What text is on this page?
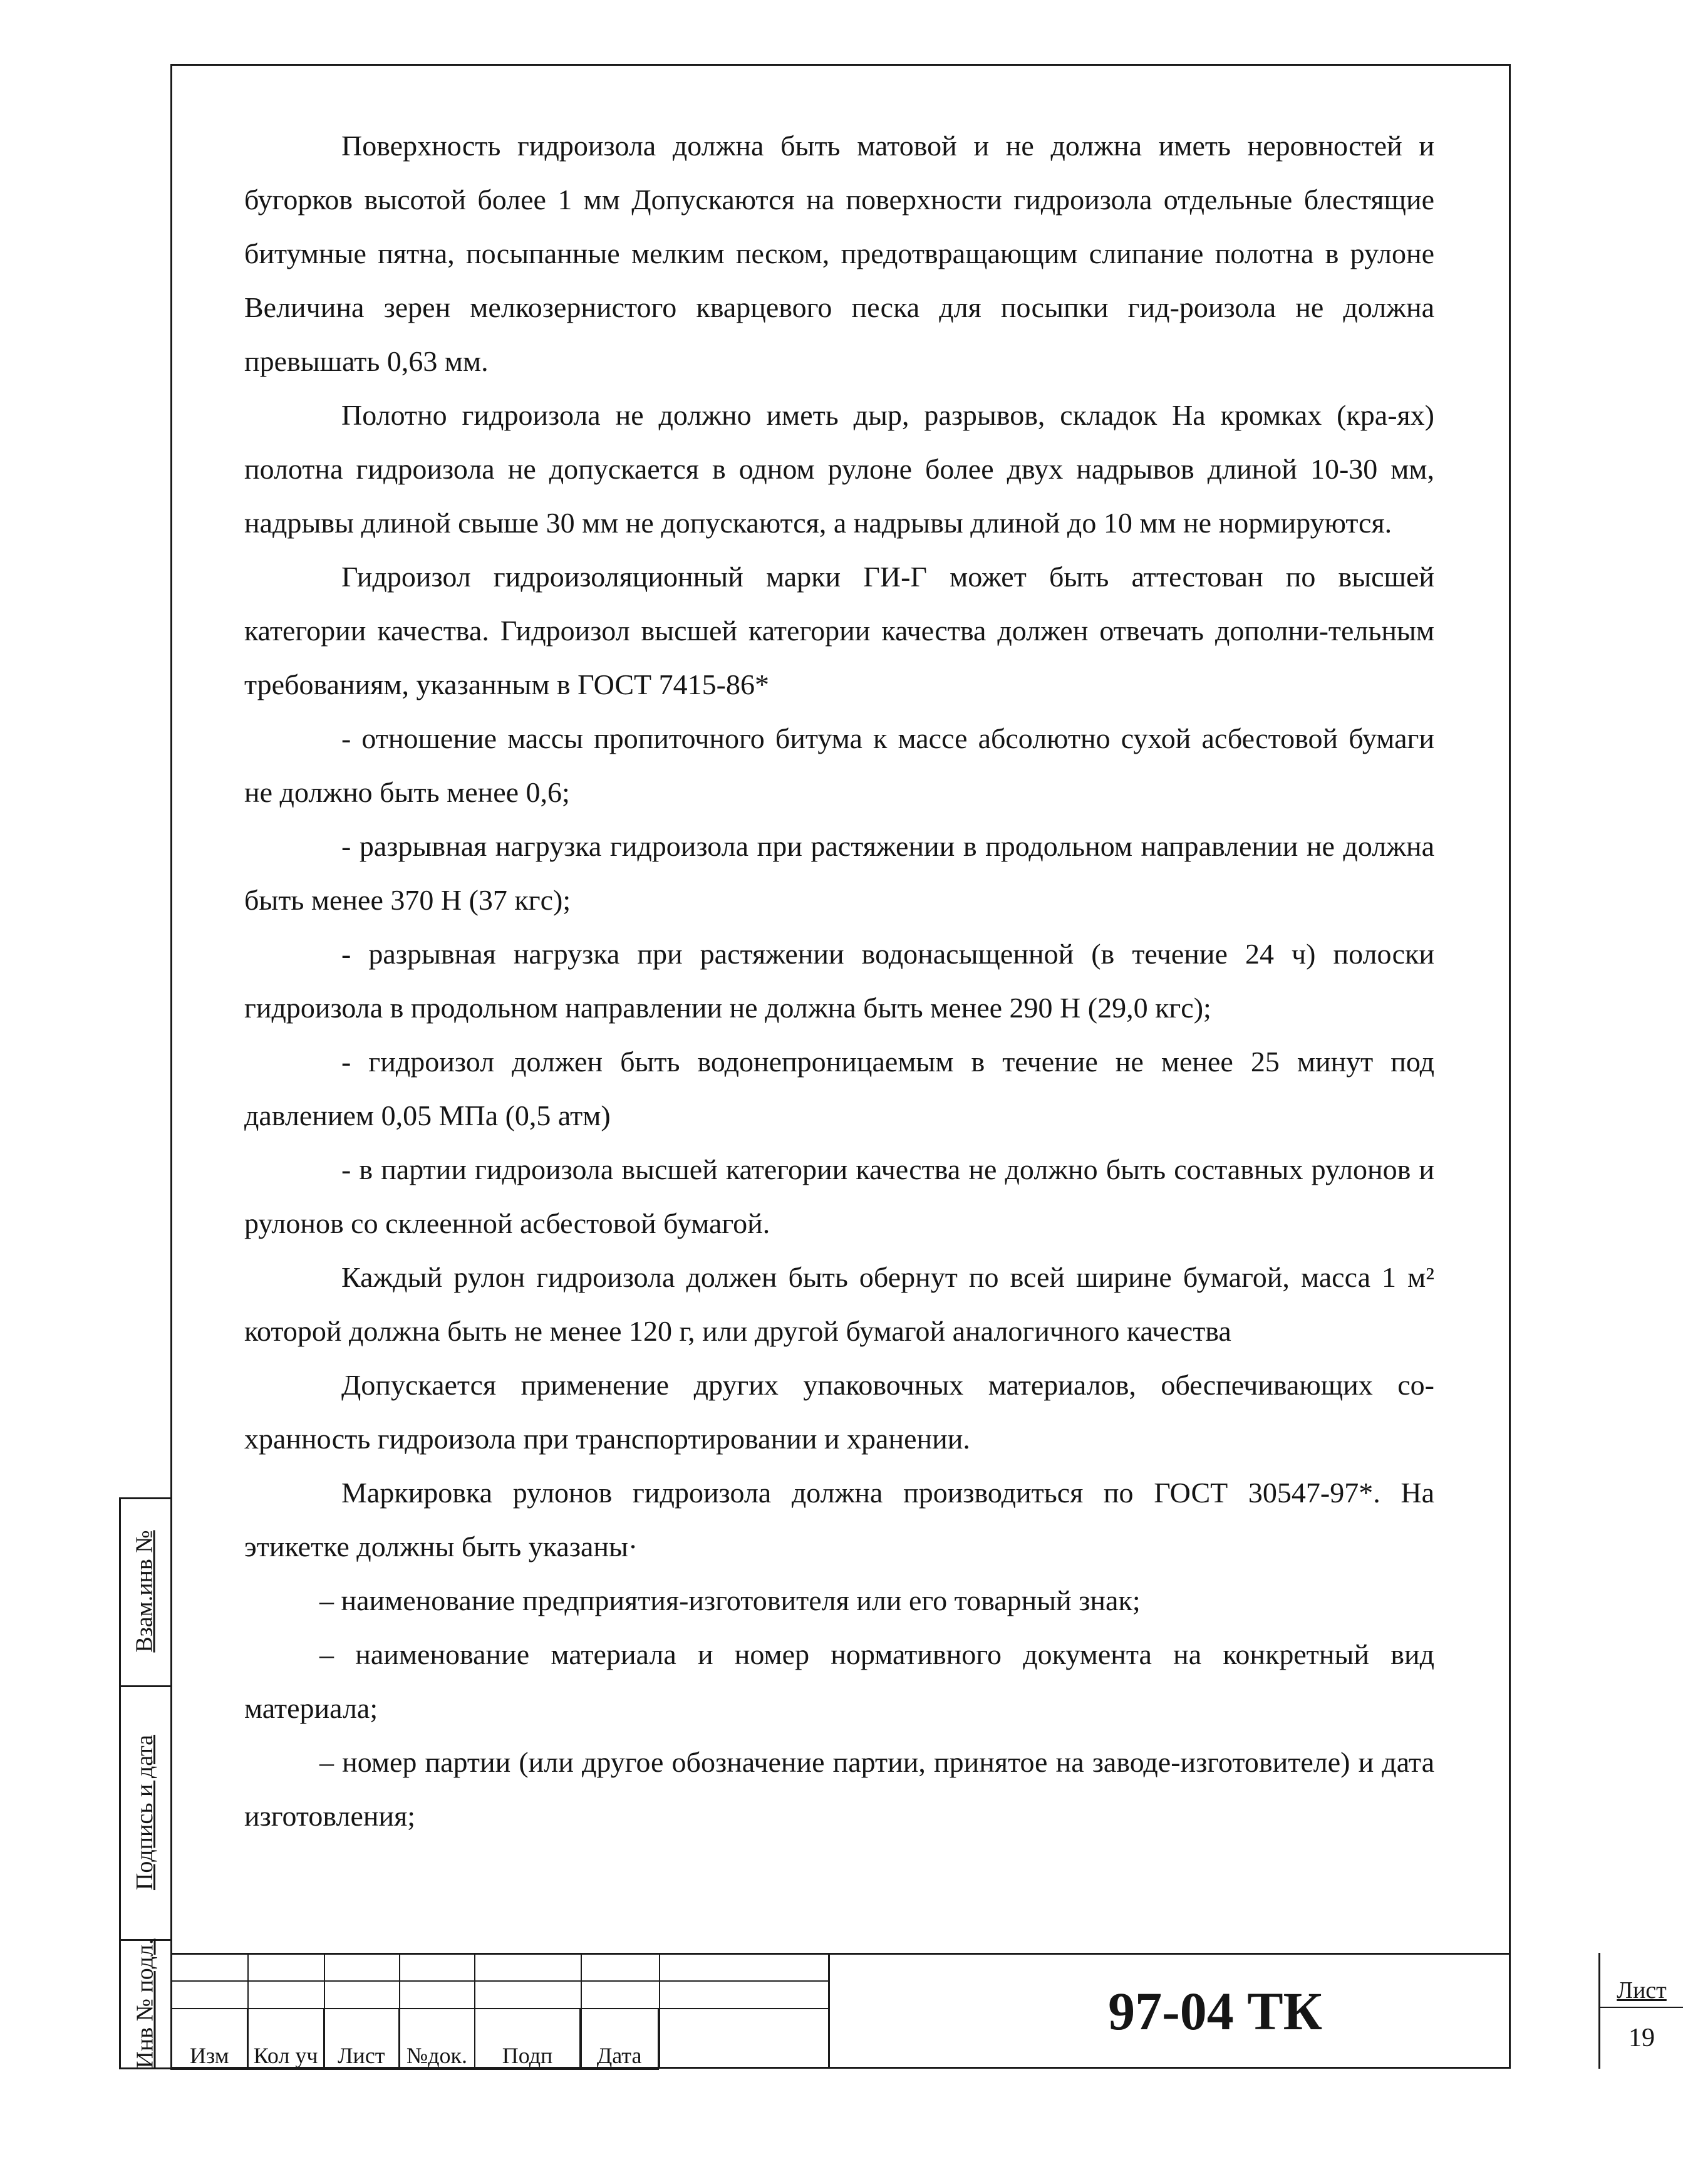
Взам.инв №
Подпись и дата
Инв № подл.

Поверхность гидроизола должна быть матовой и не должна иметь неровностей и бугорков высотой более 1 мм Допускаются на поверхности гидроизола отдельные блестящие битумные пятна, посыпанные мелким песком, предотвращающим слипание полотна в рулоне Величина зерен мелкозернистого кварцевого песка для посыпки гид-роизола не должна превышать 0,63 мм.

Полотно гидроизола не должно иметь дыр, разрывов, складок На кромках (кра-ях) полотна гидроизола не допускается в одном рулоне более двух надрывов длиной 10-30 мм, надрывы длиной свыше 30 мм не допускаются, а надрывы длиной до 10 мм не нормируются.

Гидроизол гидроизоляционный марки ГИ-Г может быть аттестован по высшей категории качества. Гидроизол высшей категории качества должен отвечать дополни-тельным требованиям, указанным в ГОСТ 7415-86*

- отношение массы пропиточного битума к массе абсолютно сухой асбестовой бумаги не должно быть менее 0,6;

- разрывная нагрузка гидроизола при растяжении в продольном направлении не должна быть менее 370 Н (37 кгс);

- разрывная нагрузка при растяжении водонасыщенной (в течение 24 ч) полоски гидроизола в продольном направлении не должна быть менее 290 Н (29,0 кгс);

- гидроизол должен быть водонепроницаемым в течение не менее 25 минут под давлением 0,05 МПа (0,5 атм)

- в партии гидроизола высшей категории качества не должно быть составных рулонов и рулонов со склеенной асбестовой бумагой.

Каждый рулон гидроизола должен быть обернут по всей ширине бумагой, масса 1 м² которой должна быть не менее 120 г, или другой бумагой аналогичного качества

Допускается применение других упаковочных материалов, обеспечивающих со-хранность гидроизола при транспортировании и хранении.

Маркировка рулонов гидроизола должна производиться по ГОСТ 30547-97*. На этикетке должны быть указаны·

– наименование предприятия-изготовителя или его товарный знак;

– наименование материала и номер нормативного документа на конкретный вид материала;

– номер партии (или другое обозначение партии, принятое на заводе-изготовителе) и дата изготовления;

Изм	Кол уч	Лист	№док.	Подп	Дата
97-04 ТК	Лист
19
